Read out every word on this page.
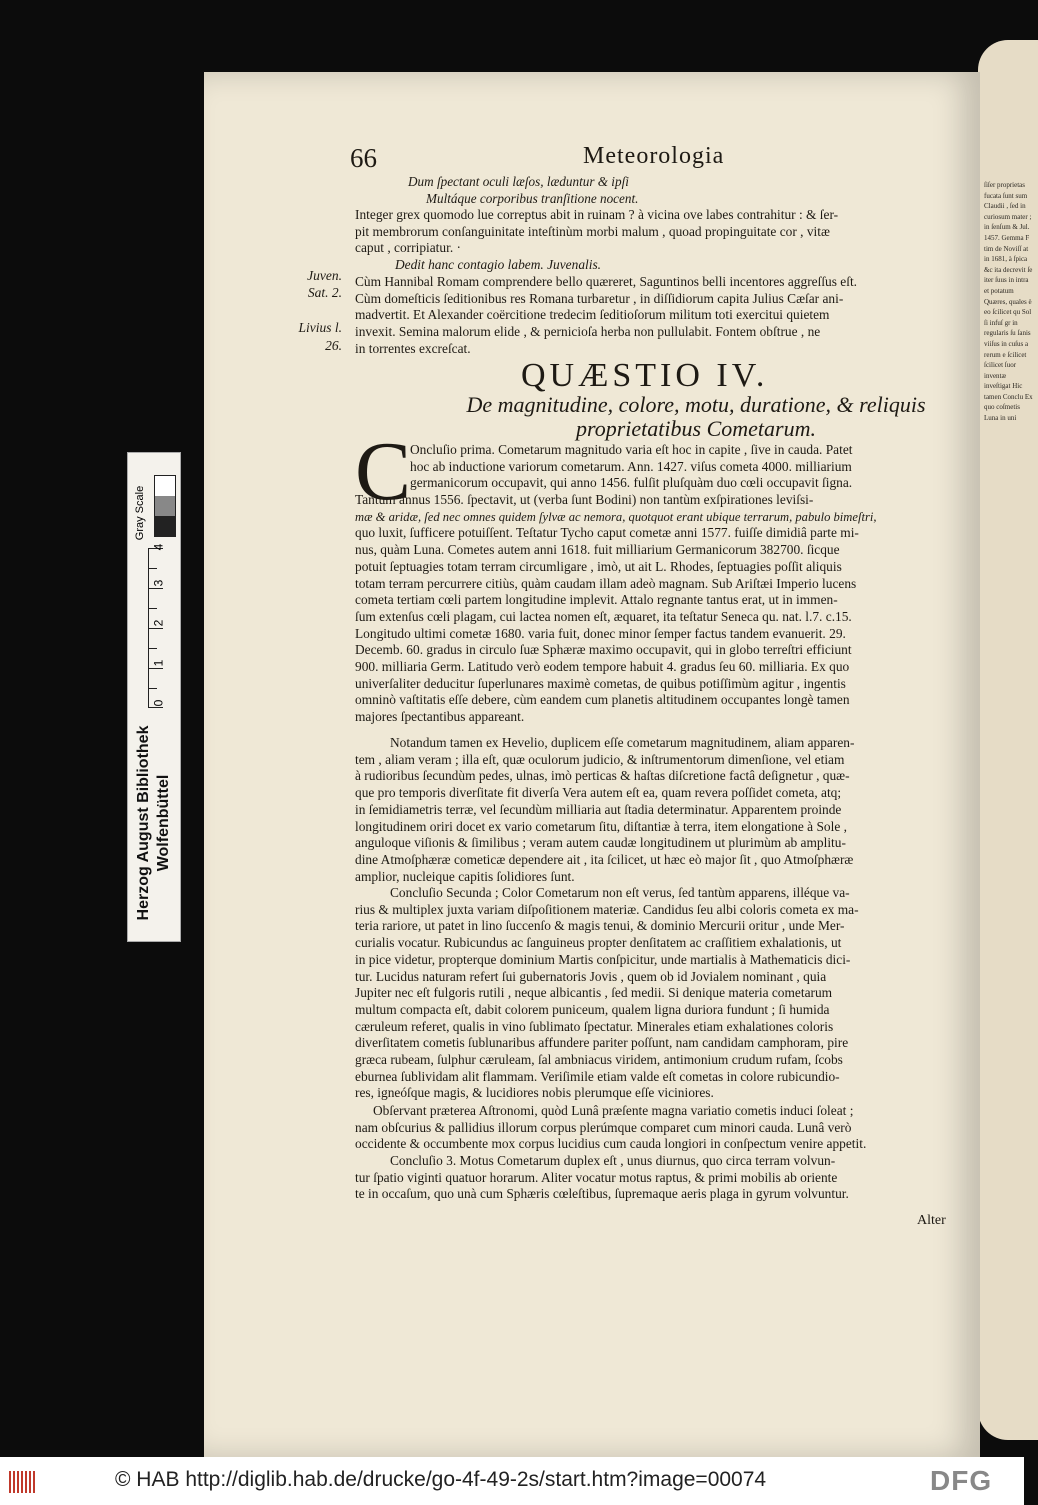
ſiſer proprietas fucata ſunt sum Claudii , ſed in curiosum mater ; in ſenſum & Jul. 1457. Gemma F tim de Noviſſ at in 1681, à ſpica &c ita decrevit ſe iter ſuus in intra et potatum Quæres, quales è eo ſcilicet qu Sol ſi infuſ gr in regularis ſu ſanis viiſus in cuſus a rerum e ſcilicet ſcilicet ſuor inventæ inveſtigat Hic tamen Conclu Ex quo coſmetis Luna in uni
66	Meteorologia
Dum ſpectant oculi læſos, læduntur & ipſi
Multáque corporibus tranſitione nocent.

Integer grex quomodo lue correptus abit in ruinam ? à vicina ove labes contrahitur : & ſer-

pit membrorum conſanguinitate inteſtinùm morbi malum , quoad propinguitate cor , vitæ

caput , corripiatur. ·

Dedit hanc contagio labem. Juvenalis.

Cùm Hannibal Romam comprendere bello quæreret, Saguntinos belli incentores aggreſſus eſt.

Cùm domeſticis ſeditionibus res Romana turbaretur , in diſſidiorum capita Julius Cæſar ani-

madvertit. Et Alexander coërcitione tredecim ſeditioſorum militum toti exercitui quietem

invexit. Semina malorum elide , & pernicioſa herba non pullulabit. Fontem obſtrue , ne

in torrentes excreſcat.

Juven.
Sat. 2.
Livius l.
26.
QUÆSTIO IV.
De magnitudine, colore, motu, duratione, & reliquis
proprietatibus Cometarum.
C

Oncluſio prima. Cometarum magnitudo varia eſt hoc in capite , ſive in cauda. Patet

hoc ab inductione variorum cometarum. Ann. 1427. viſus cometa 4000. milliarium

germanicorum occupavit, qui anno 1456. fulſit pluſquàm duo cœli occupavit ſigna.

Tantum annus 1556. ſpectavit, ut (verba ſunt Bodini) non tantùm exſpirationes leviſsi-

mæ & aridæ, ſed nec omnes quidem ſylvæ ac nemora, quotquot erant ubique terrarum, pabulo bimeſtri,

quo luxit, ſufficere potuiſſent. Teſtatur Tycho caput cometæ anni 1577. fuiſſe dimidiâ parte mi-

nus, quàm Luna. Cometes autem anni 1618. fuit milliarium Germanicorum 382700. ſicque

potuit ſeptuagies totam terram circumligare , imò, ut ait L. Rhodes, ſeptuagies poſſit aliquis

totam terram percurrere citiùs, quàm caudam illam adeò magnam. Sub Ariſtæi Imperio lucens

cometa tertiam cœli partem longitudine implevit. Attalo regnante tantus erat, ut in immen-

ſum extenſus cœli plagam, cui lactea nomen eſt, æquaret, ita teſtatur Seneca qu. nat. l.7. c.15.

Longitudo ultimi cometæ 1680. varia fuit, donec minor ſemper factus tandem evanuerit. 29.

Decemb. 60. gradus in circulo ſuæ Sphæræ maximo occupavit, qui in globo terreſtri efficiunt

900. milliaria Germ. Latitudo verò eodem tempore habuit 4. gradus ſeu 60. milliaria. Ex quo

univerſaliter deducitur ſuperlunares maximè cometas, de quibus potiſſimùm agitur , ingentis

omninò vaſtitatis eſſe debere, cùm eandem cum planetis altitudinem occupantes longè tamen

majores ſpectantibus appareant.

Notandum tamen ex Hevelio, duplicem eſſe cometarum magnitudinem, aliam apparen-

tem , aliam veram ; illa eſt, quæ oculorum judicio, & inſtrumentorum dimenſione, vel etiam

à rudioribus ſecundùm pedes, ulnas, imò perticas & haſtas diſcretione factâ deſignetur , quæ-

que pro temporis diverſitate fit diverſa Vera autem eſt ea, quam revera poſſidet cometa, atq;

in ſemidiametris terræ, vel ſecundùm milliaria aut ſtadia determinatur. Apparentem proinde

longitudinem oriri docet ex vario cometarum ſitu, diſtantiæ à terra, item elongatione à Sole ,

anguloque viſionis & ſimilibus ; veram autem caudæ longitudinem ut plurimùm ab amplitu-

dine Atmoſphæræ cometicæ dependere ait , ita ſcilicet, ut hæc eò major ſit , quo Atmoſphæræ

amplior, nucleique capitis ſolidiores ſunt.

Concluſio Secunda ; Color Cometarum non eſt verus, ſed tantùm apparens, illéque va-

rius & multiplex juxta variam diſpoſitionem materiæ. Candidus ſeu albi coloris cometa ex ma-

teria rariore, ut patet in lino ſuccenſo & magis tenui, & dominio Mercurii oritur , unde Mer-

curialis vocatur. Rubicundus ac ſanguineus propter denſitatem ac craſſitiem exhalationis, ut

in pice videtur, propterque dominium Martis conſpicitur, unde martialis à Mathematicis dici-

tur. Lucidus naturam refert ſui gubernatoris Jovis , quem ob id Jovialem nominant , quia

Jupiter nec eſt fulgoris rutili , neque albicantis , ſed medii. Si denique materia cometarum

multum compacta eſt, dabit colorem puniceum, qualem ligna duriora fundunt ; ſi humida

cæruleum referet, qualis in vino ſublimato ſpectatur. Minerales etiam exhalationes coloris

diverſitatem cometis ſublunaribus affundere pariter poſſunt, nam candidam camphoram, pire

græca rubeam, ſulphur cæruleam, ſal ambniacus viridem, antimonium crudum rufam, ſcobs

eburnea ſublividam alit flammam. Veriſimile etiam valde eſt cometas in colore rubicundio-

res, igneóſque magis, & lucidiores nobis plerumque eſſe viciniores.

Obſervant præterea Aſtronomi, quòd Lunâ præſente magna variatio cometis induci ſoleat ;

nam obſcurius & pallidius illorum corpus plerúmque comparet cum minori cauda. Lunâ verò

occidente & occumbente mox corpus lucidius cum cauda longiori in conſpectum venire appetit.

Concluſio 3. Motus Cometarum duplex eſt , unus diurnus, quo circa terram volvun-

tur ſpatio viginti quatuor horarum. Aliter vocatur motus raptus, & primi mobilis ab oriente

te in occaſum, quo unà cum Sphæris cœleſtibus, ſupremaque aeris plaga in gyrum volvuntur.

Alter
Gray Scale
0
1
2
3
4
Herzog August Bibliothek Wolfenbüttel
© HAB http://diglib.hab.de/drucke/go-4f-49-2s/start.htm?image=00074	DFG
